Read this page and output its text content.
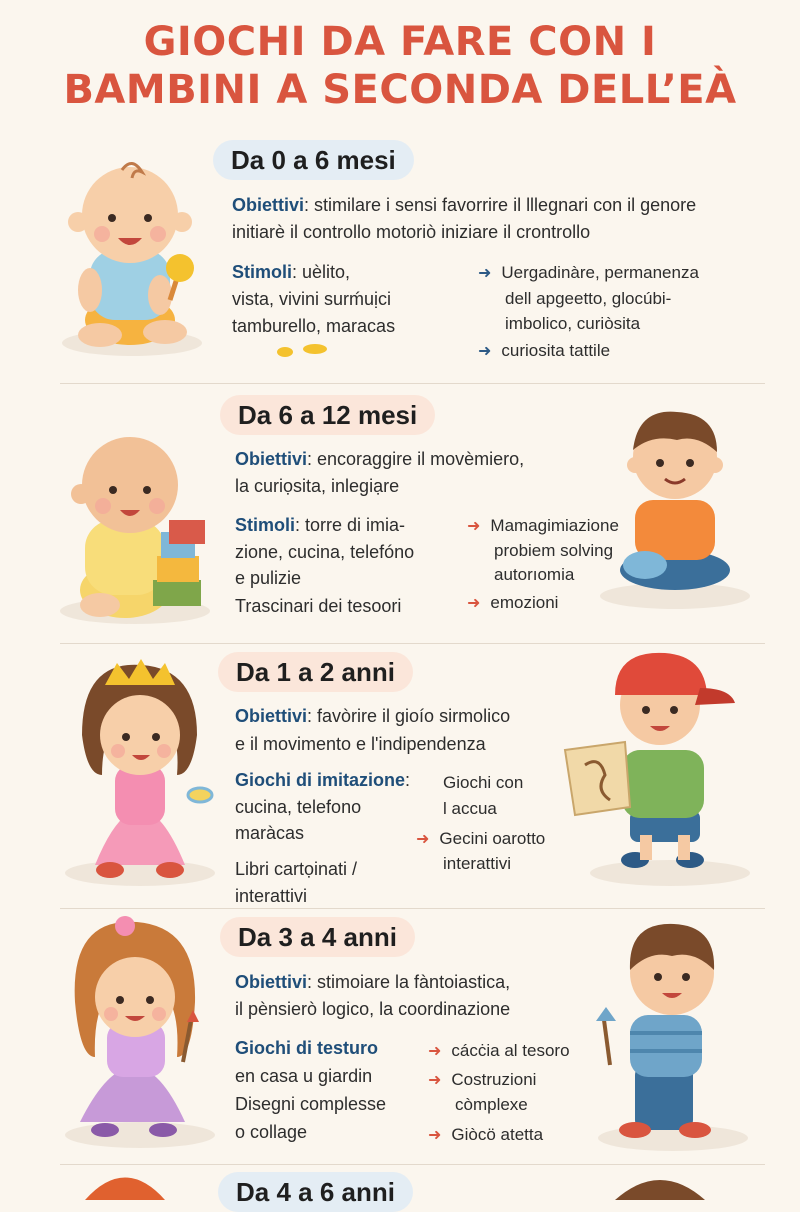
GIOCHI DA FARE CON I
BAMBINI A SECONDA DELL’EÀ
Da 0 a 6 mesi
Obiettivi: stimilare i sensi favorrire il lllegnari con il genore
initiarè il controllo motoriò iniziare il crontrollo
Stimoli: uèlito,
vista, vivini surḿuịci
tamburello, maracas
➜ Uergadinàre, permanenza
dell apgeetto, glocúbi-
imbolico, curiòsita
➜ curiosita tattile
Da 6 a 12 mesi
Obiettivi: encoraggire il movèmiero,
la curiọsita, inlegiạre
Stimoli: torre di imia-
zione, cucina, telefóno
e pulizie
Trascinari dei tesoori
➜ Mamagimiazione
probiem solving
autorıomia
➜ emozioni
Da 1 a 2 anni
Obiettivi: favòrire il gioío sirmolico
e il movimento e l'indipendenza
Giochi di imitazione:
cucina, telefono
maràcas
Libri cartọinati /
interattivi
Giochi con
l accua
➜ Gecini oarotto
interattivi
Da 3 a 4 anni
Obiettivi: stimoiare la fàntoiastica,
il pènsierò logico, la coordinazione
Giochi di testuro
en casa u giardin
Disegni complesse
o collage
➜ cácċia al tesoro
➜ Costruzioni
còmplexe
➜ Giòcö atetta
Da 4 a 6 anni
